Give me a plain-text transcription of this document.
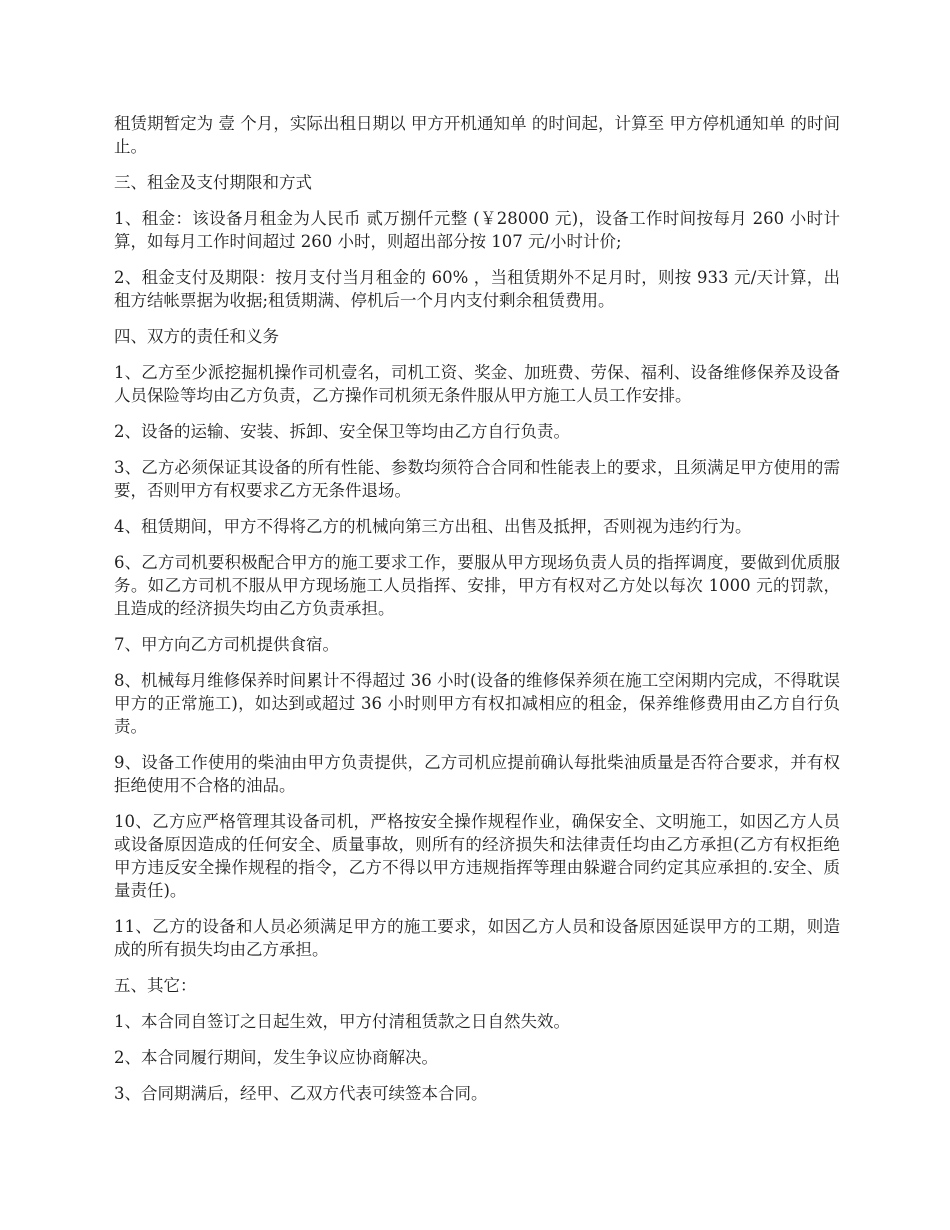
租赁期暂定为 壹 个月，实际出租日期以 甲方开机通知单 的时间起，计算至 甲方停机通知单 的时间止。

三、租金及支付期限和方式

1、租金：该设备月租金为人民币 贰万捌仟元整 (￥28000 元)，设备工作时间按每月 260 小时计算，如每月工作时间超过 260 小时，则超出部分按 107 元/小时计价;

2、租金支付及期限：按月支付当月租金的 60% ，当租赁期外不足月时，则按 933 元/天计算，出租方结帐票据为收据;租赁期满、停机后一个月内支付剩余租赁费用。

四、双方的责任和义务

1、乙方至少派挖掘机操作司机壹名，司机工资、奖金、加班费、劳保、福利、设备维修保养及设备人员保险等均由乙方负责，乙方操作司机须无条件服从甲方施工人员工作安排。

2、设备的运输、安装、拆卸、安全保卫等均由乙方自行负责。

3、乙方必须保证其设备的所有性能、参数均须符合合同和性能表上的要求，且须满足甲方使用的需要，否则甲方有权要求乙方无条件退场。

4、租赁期间，甲方不得将乙方的机械向第三方出租、出售及抵押，否则视为违约行为。

6、乙方司机要积极配合甲方的施工要求工作，要服从甲方现场负责人员的指挥调度，要做到优质服务。如乙方司机不服从甲方现场施工人员指挥、安排，甲方有权对乙方处以每次 1000 元的罚款，且造成的经济损失均由乙方负责承担。

7、甲方向乙方司机提供食宿。

8、机械每月维修保养时间累计不得超过 36 小时(设备的维修保养须在施工空闲期内完成，不得耽误甲方的正常施工)，如达到或超过 36 小时则甲方有权扣减相应的租金，保养维修费用由乙方自行负责。

9、设备工作使用的柴油由甲方负责提供，乙方司机应提前确认每批柴油质量是否符合要求，并有权拒绝使用不合格的油品。

10、乙方应严格管理其设备司机，严格按安全操作规程作业，确保安全、文明施工，如因乙方人员或设备原因造成的任何安全、质量事故，则所有的经济损失和法律责任均由乙方承担(乙方有权拒绝甲方违反安全操作规程的指令，乙方不得以甲方违规指挥等理由躲避合同约定其应承担的.安全、质量责任)。

11、乙方的设备和人员必须满足甲方的施工要求，如因乙方人员和设备原因延误甲方的工期，则造成的所有损失均由乙方承担。

五、其它：

1、本合同自签订之日起生效，甲方付清租赁款之日自然失效。

2、本合同履行期间，发生争议应协商解决。

3、合同期满后，经甲、乙双方代表可续签本合同。
